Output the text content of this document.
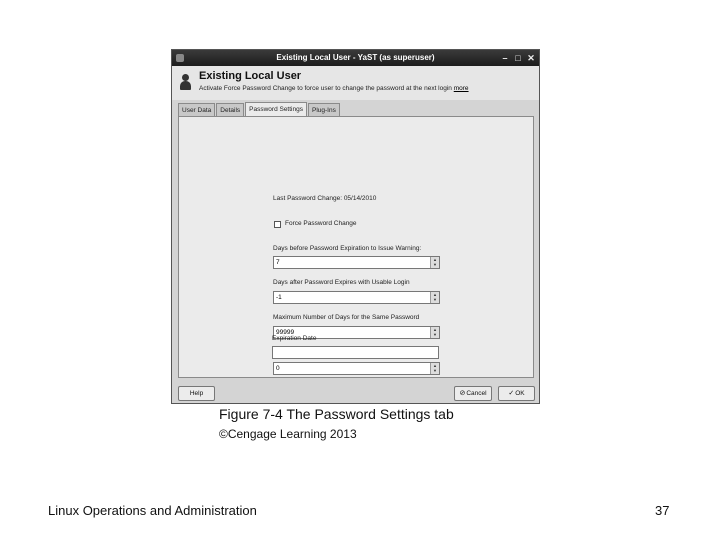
Existing Local User - YaST (as superuser)	– □ ✕
Existing Local User
Activate Force Password Change to force user to change the password at the next login more
User Data	Details	Password Settings	Plug-Ins
Last Password Change: 05/14/2010
Force Password Change
Days before Password Expiration to Issue Warning:
7	▲
▼
Days after Password Expires with Usable Login
-1	▲
▼
Maximum Number of Days for the Same Password
99999	▲
▼
0	▲
▼
Expiration Date
Help	⊘Cancel	✓OK
Figure 7-4 The Password Settings tab
©Cengage Learning 2013
Linux Operations and Administration	37
